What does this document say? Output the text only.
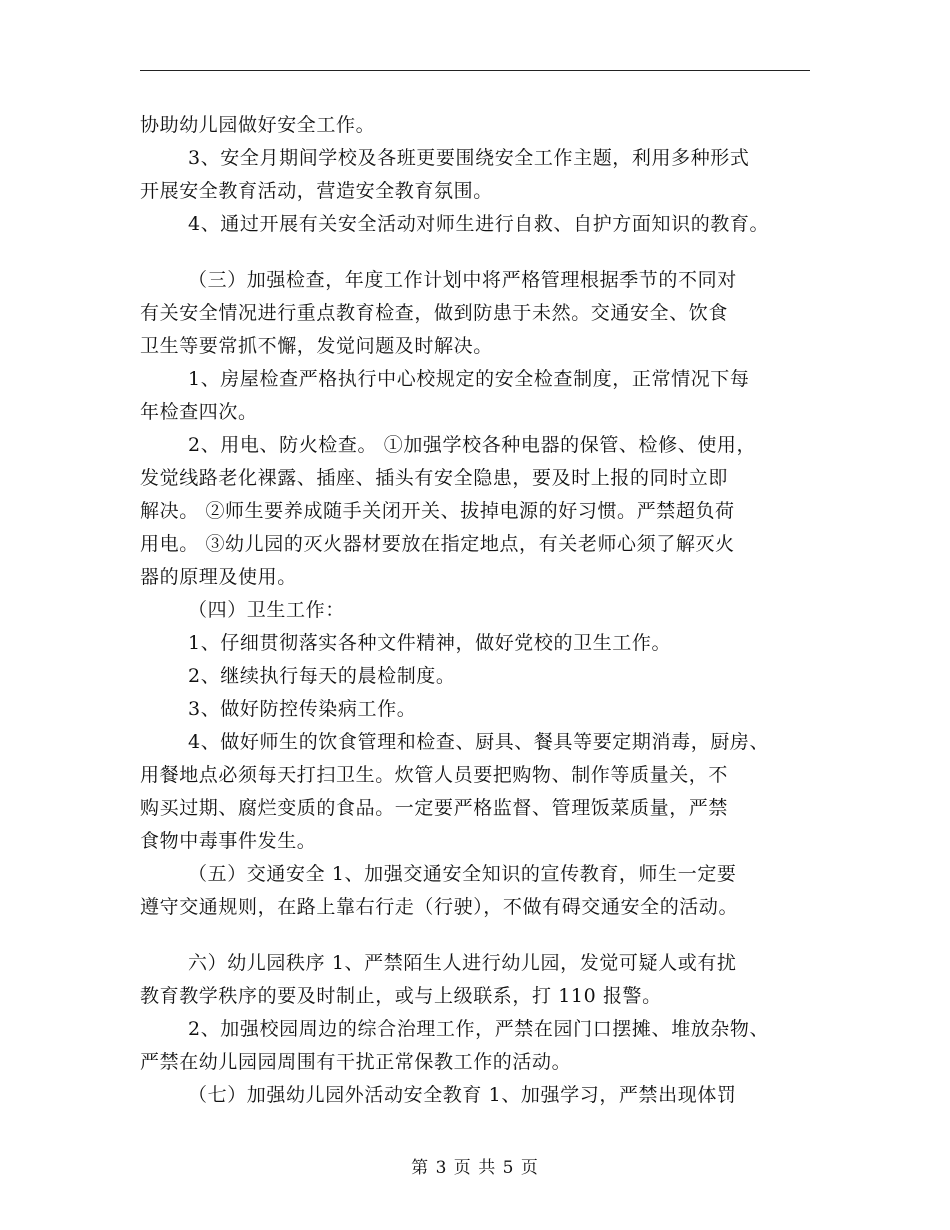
协助幼儿园做好安全工作。
3、安全月期间学校及各班更要围绕安全工作主题，利用多种形式
开展安全教育活动，营造安全教育氛围。
4、通过开展有关安全活动对师生进行自救、自护方面知识的教育。
（三）加强检查，年度工作计划中将严格管理根据季节的不同对
有关安全情况进行重点教育检查，做到防患于未然。交通安全、饮食
卫生等要常抓不懈，发觉问题及时解决。
1、房屋检查严格执行中心校规定的安全检查制度，正常情况下每
年检查四次。
2、用电、防火检查。 ①加强学校各种电器的保管、检修、使用，
发觉线路老化裸露、插座、插头有安全隐患，要及时上报的同时立即
解决。 ②师生要养成随手关闭开关、拔掉电源的好习惯。严禁超负荷
用电。 ③幼儿园的灭火器材要放在指定地点，有关老师心须了解灭火
器的原理及使用。
（四）卫生工作：
1、仔细贯彻落实各种文件精神，做好党校的卫生工作。
2、继续执行每天的晨检制度。
3、做好防控传染病工作。
4、做好师生的饮食管理和检查、厨具、餐具等要定期消毒，厨房、
用餐地点必须每天打扫卫生。炊管人员要把购物、制作等质量关，不
购买过期、腐烂变质的食品。一定要严格监督、管理饭菜质量，严禁
食物中毒事件发生。
（五）交通安全 1、加强交通安全知识的宣传教育，师生一定要
遵守交通规则，在路上靠右行走（行驶），不做有碍交通安全的活动。
六）幼儿园秩序 1、严禁陌生人进行幼儿园，发觉可疑人或有扰
教育教学秩序的要及时制止，或与上级联系，打 110 报警。
2、加强校园周边的综合治理工作，严禁在园门口摆摊、堆放杂物、
严禁在幼儿园园周围有干扰正常保教工作的活动。
（七）加强幼儿园外活动安全教育 1、加强学习，严禁出现体罚
第 3 页 共 5 页
